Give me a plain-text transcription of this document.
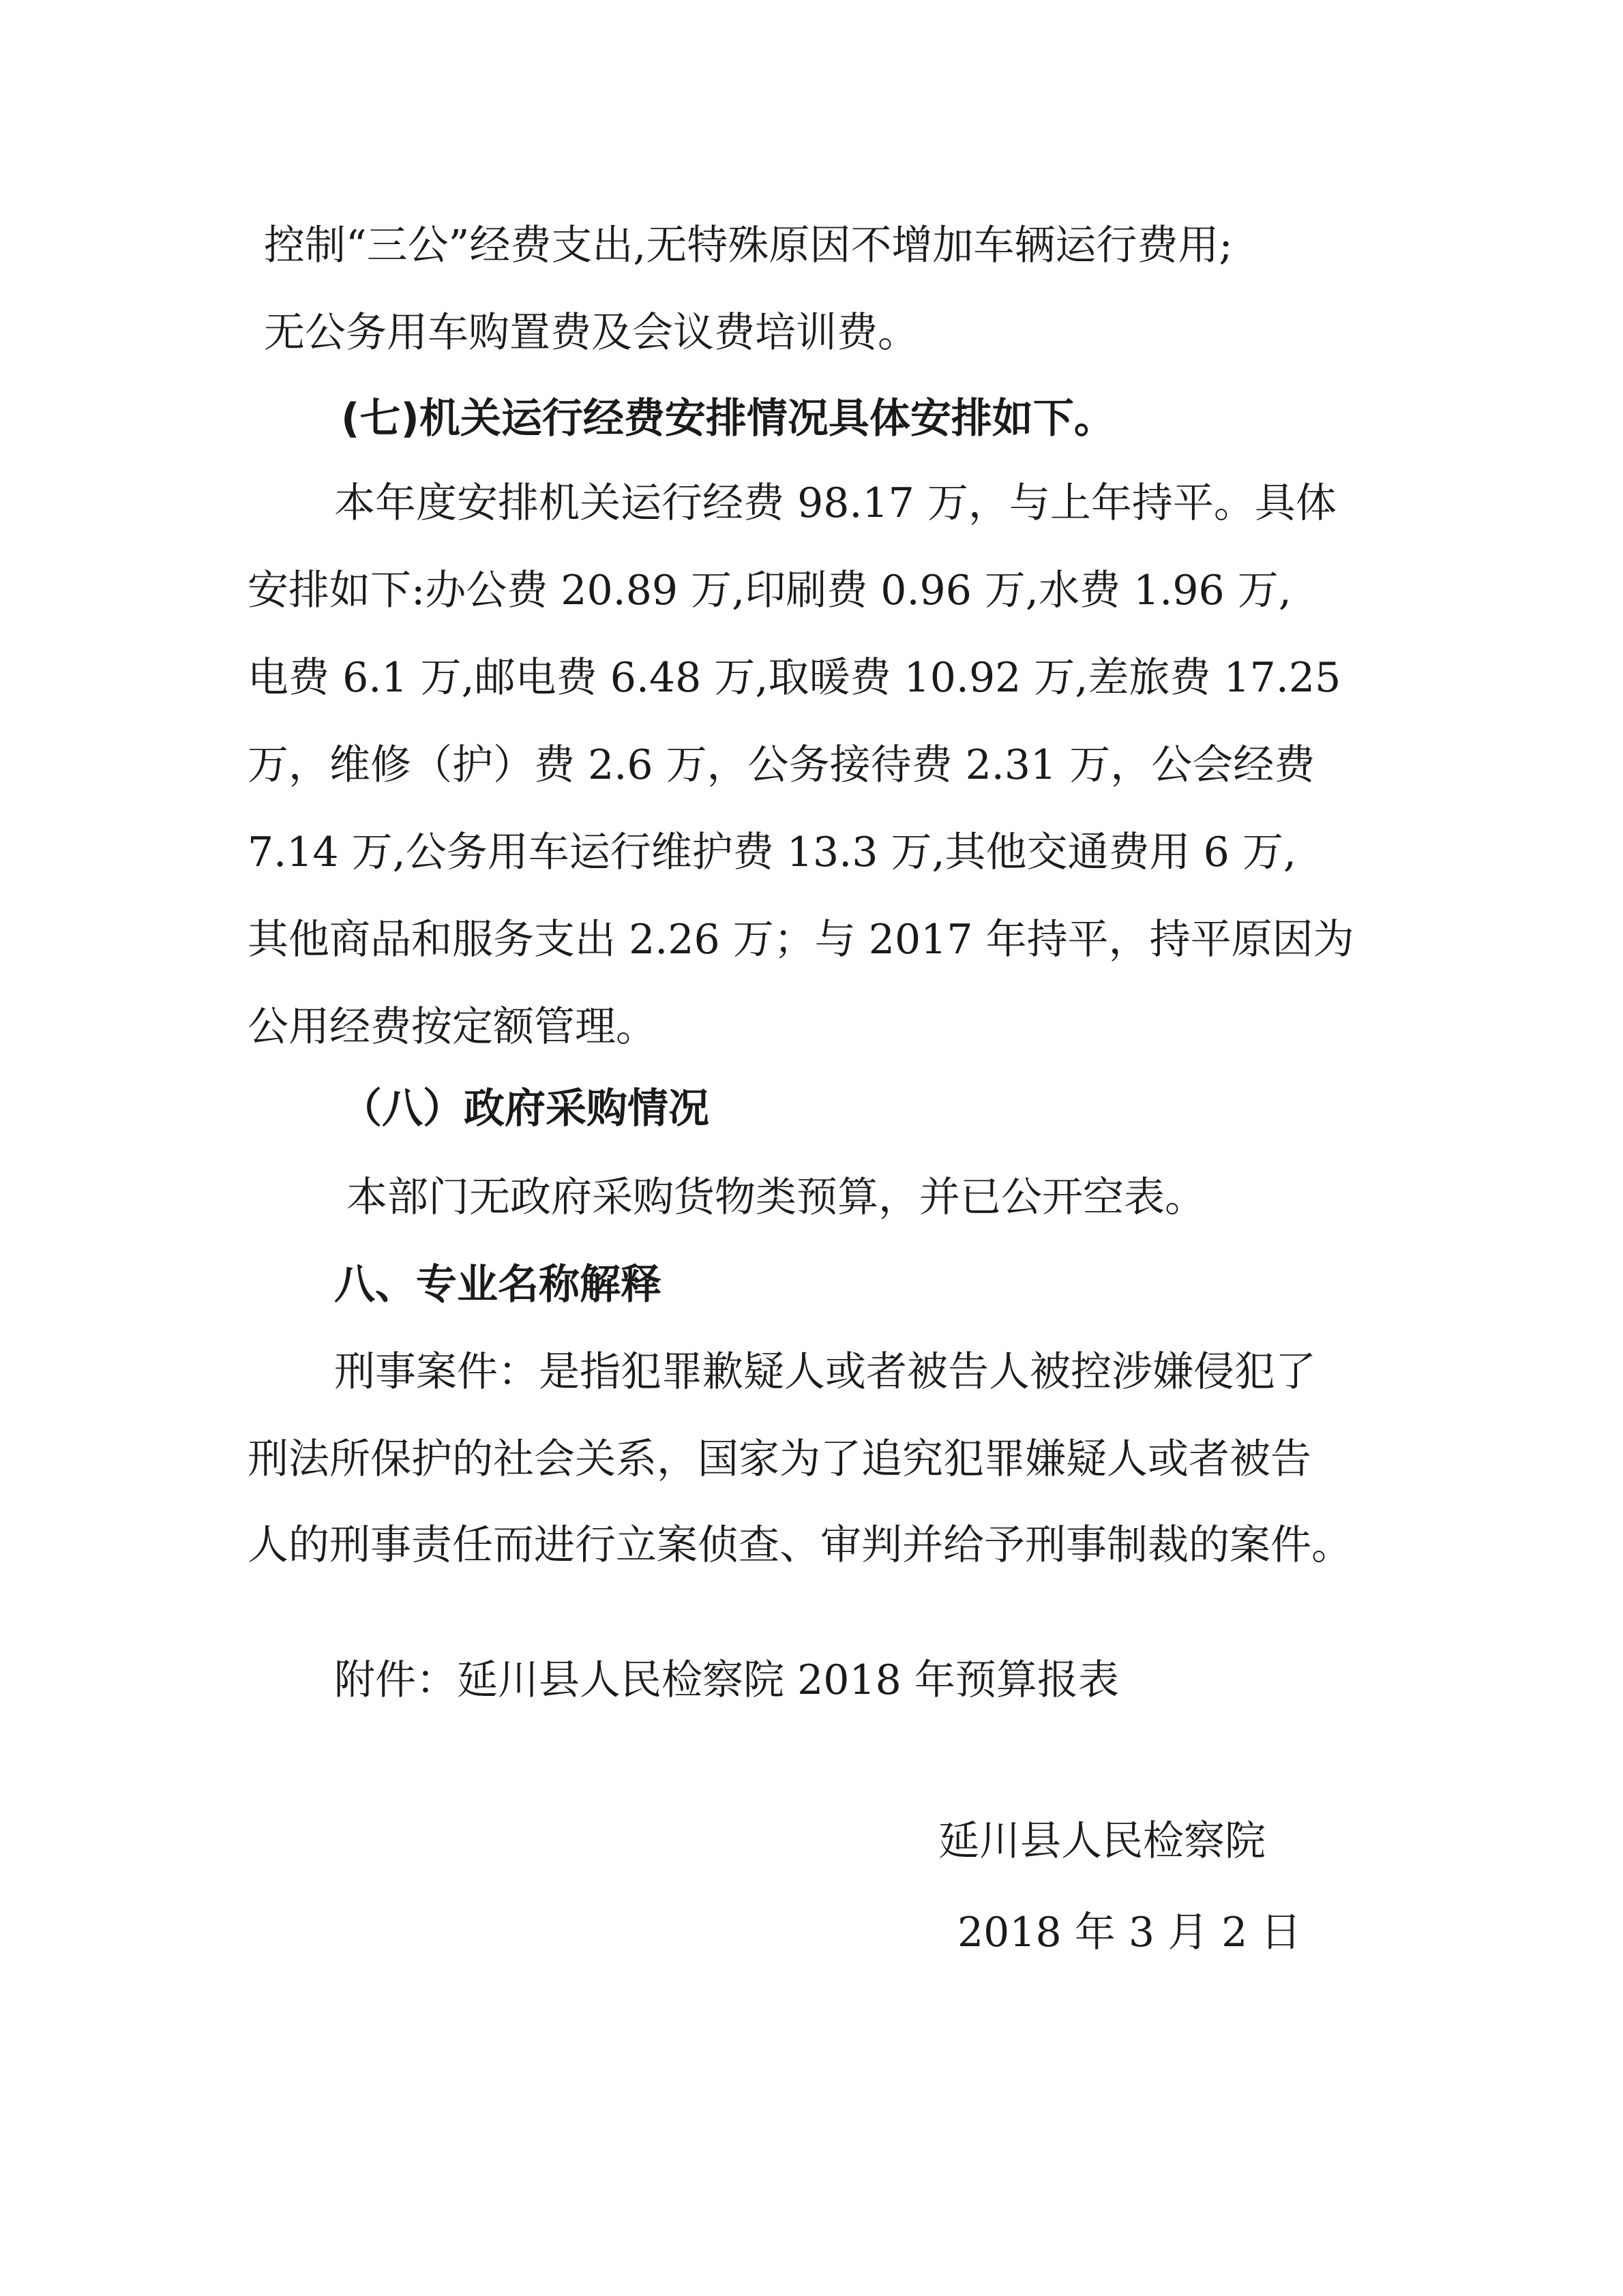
控制“三公”经费支出,无特殊原因不增加车辆运行费用;
无公务用车购置费及会议费培训费。
(七)机关运行经费安排情况具体安排如下。
本年度安排机关运行经费 98.17 万，与上年持平。具体
安排如下:办公费 20.89 万,印刷费 0.96 万,水费 1.96 万,
电费 6.1 万,邮电费 6.48 万,取暖费 10.92 万,差旅费 17.25
万，维修（护）费 2.6 万，公务接待费 2.31 万，公会经费
7.14 万,公务用车运行维护费 13.3 万,其他交通费用 6 万,
其他商品和服务支出 2.26 万；与 2017 年持平，持平原因为
公用经费按定额管理。
（八）政府采购情况
本部门无政府采购货物类预算，并已公开空表。
八、专业名称解释
刑事案件：是指犯罪歉疑人或者被告人被控涉嫌侵犯了
刑法所保护的社会关系，国家为了追究犯罪嫌疑人或者被告
人的刑事责任而进行立案侦查、审判并给予刑事制裁的案件。
附件：延川县人民检察院 2018 年预算报表
延川县人民检察院
2018 年 3 月 2 日
